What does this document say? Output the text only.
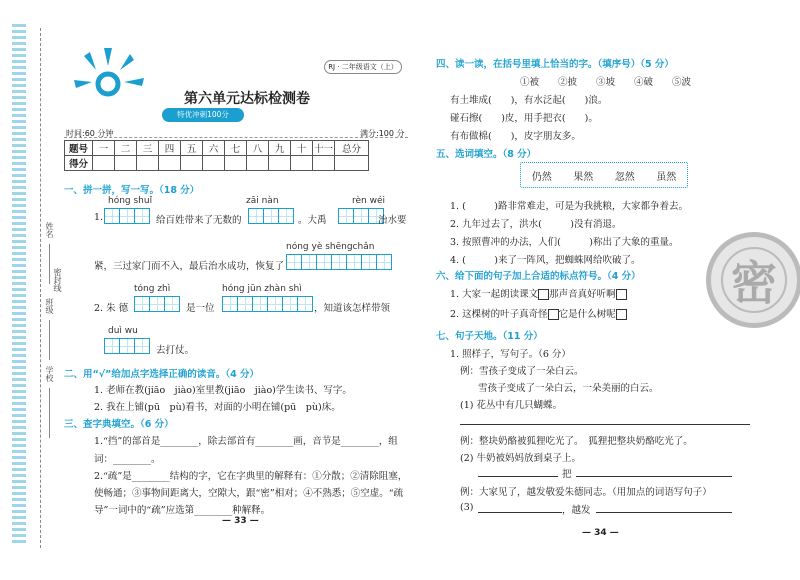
姓名
班级
学校
密封线
RJ · 二年级语文（上）
第六单元达标检测卷
特优冲刺100分
时间:60 分钟	满分:100 分
题号	一	二	三	四	五	六	七	八	九	十	十一	总分
得分												
一、拼一拼，写一写。（18 分）
hóng shuǐ	zāi nàn	rèn wéi
1.	给百姓带来了无数的	。大禹	治水要
nóng yè shēngchǎn
紧，三过家门而不入，最后治水成功，恢复了
tóng zhì	hóng jūn zhàn shì
2. 朱 德	是一位	，知道该怎样带领
duì wu
去打仗。
二、用“√”给加点字选择正确的读音。（4 分）
1. 老师在教(jiāo　jiào)室里教(jiāo　jiào)学生读书、写字。
2. 我在上铺(pū　pù)看书，对面的小明在铺(pū　pù)床。
三、查字典填空。（6 分）
1.“挡”的部首是________，除去部首有________画，音节是________，组
词：________。
2.“疏”是________结构的字，它在字典里的解释有：①分散；②清除阻塞，
使畅通；③事物间距离大，空隙大，跟“密”相对；④不熟悉；⑤空虚。“疏
导”一词中的“疏”应选第________种解释。
— 33 —
四、读一读，在括号里填上恰当的字。（填序号）（5 分）
①被　　②披　　③坡　　④破　　⑤波
有土堆成(　　)，有水泛起(　　)浪。
碰石擦(　　)皮，用手把衣(　　)。
有布做棉(　　)，皮字朋友多。
五、选词填空。（8 分）
仍然 果然 忽然 虽然
1. (　　　)路非常难走，可是为我挑粮，大家都争着去。
2. 九年过去了，洪水(　　　)没有消退。
3. 按照曹冲的办法，人们(　　　)称出了大象的重量。
4. (　　　)来了一阵风，把蜘蛛网给吹破了。
六、给下面的句子加上合适的标点符号。（4 分）
1. 大家一起朗读课文 那声音真好听啊
2. 这棵树的叶子真奇怪 它是什么树呢
七、句子天地。（11 分）
1. 照样子，写句子。（6 分）
例：雪孩子变成了一朵白云。
雪孩子变成了一朵白云，一朵美丽的白云。
(1) 花丛中有几只蝴蝶。
例：整块奶酪被狐狸吃光了。　狐狸把整块奶酪吃光了。
(2) 牛奶被妈妈放到桌子上。
把
例：大家见了，越发敬爱朱德同志。（用加点的词语写句子）
(3)	，越发
— 34 —
密
